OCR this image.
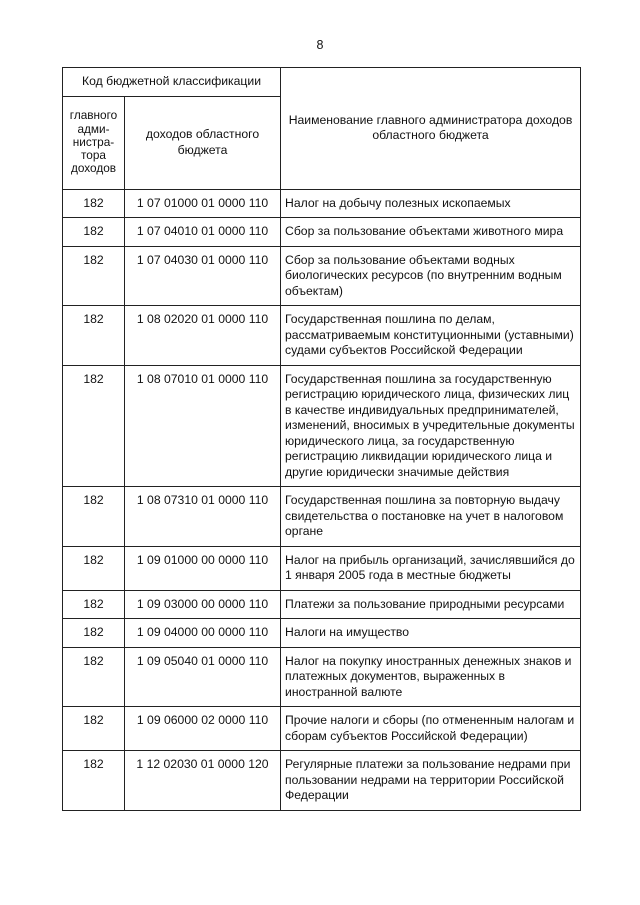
8
Код бюджетной классификации		Наименование главного администратора доходов областного бюджета
главного адми-нистра-тора доходов	доходов областного бюджета	
182	1 07 01000 01 0000 110	Налог на добычу полезных ископаемых
182	1 07 04010 01 0000 110	Сбор за пользование объектами животного мира
182	1 07 04030 01 0000 110	Сбор за пользование объектами водных биологических ресурсов (по внутренним водным объектам)
182	1 08 02020 01 0000 110	Государственная пошлина по делам, рассматриваемым конституционными (уставными) судами субъектов Российской Федерации
182	1 08 07010 01 0000 110	Государственная пошлина за государственную регистрацию юридического лица, физических лиц в качестве индивидуальных предпринимателей, изменений, вносимых в учредительные документы юридического лица, за государственную регистрацию ликвидации юридического лица и другие юридически значимые действия
182	1 08 07310 01 0000 110	Государственная пошлина за повторную выдачу свидетельства о постановке на учет в налоговом органе
182	1 09 01000 00 0000 110	Налог на прибыль организаций, зачислявшийся до 1 января 2005 года в местные бюджеты
182	1 09 03000 00 0000 110	Платежи за пользование природными ресурсами
182	1 09 04000 00 0000 110	Налоги на имущество
182	1 09 05040 01 0000 110	Налог на покупку иностранных денежных знаков и платежных документов, выраженных в иностранной валюте
182	1 09 06000 02 0000 110	Прочие налоги и сборы (по отмененным налогам и сборам субъектов Российской Федерации)
182	1 12 02030 01 0000 120	Регулярные платежи за пользование недрами при пользовании недрами на территории Российской Федерации
